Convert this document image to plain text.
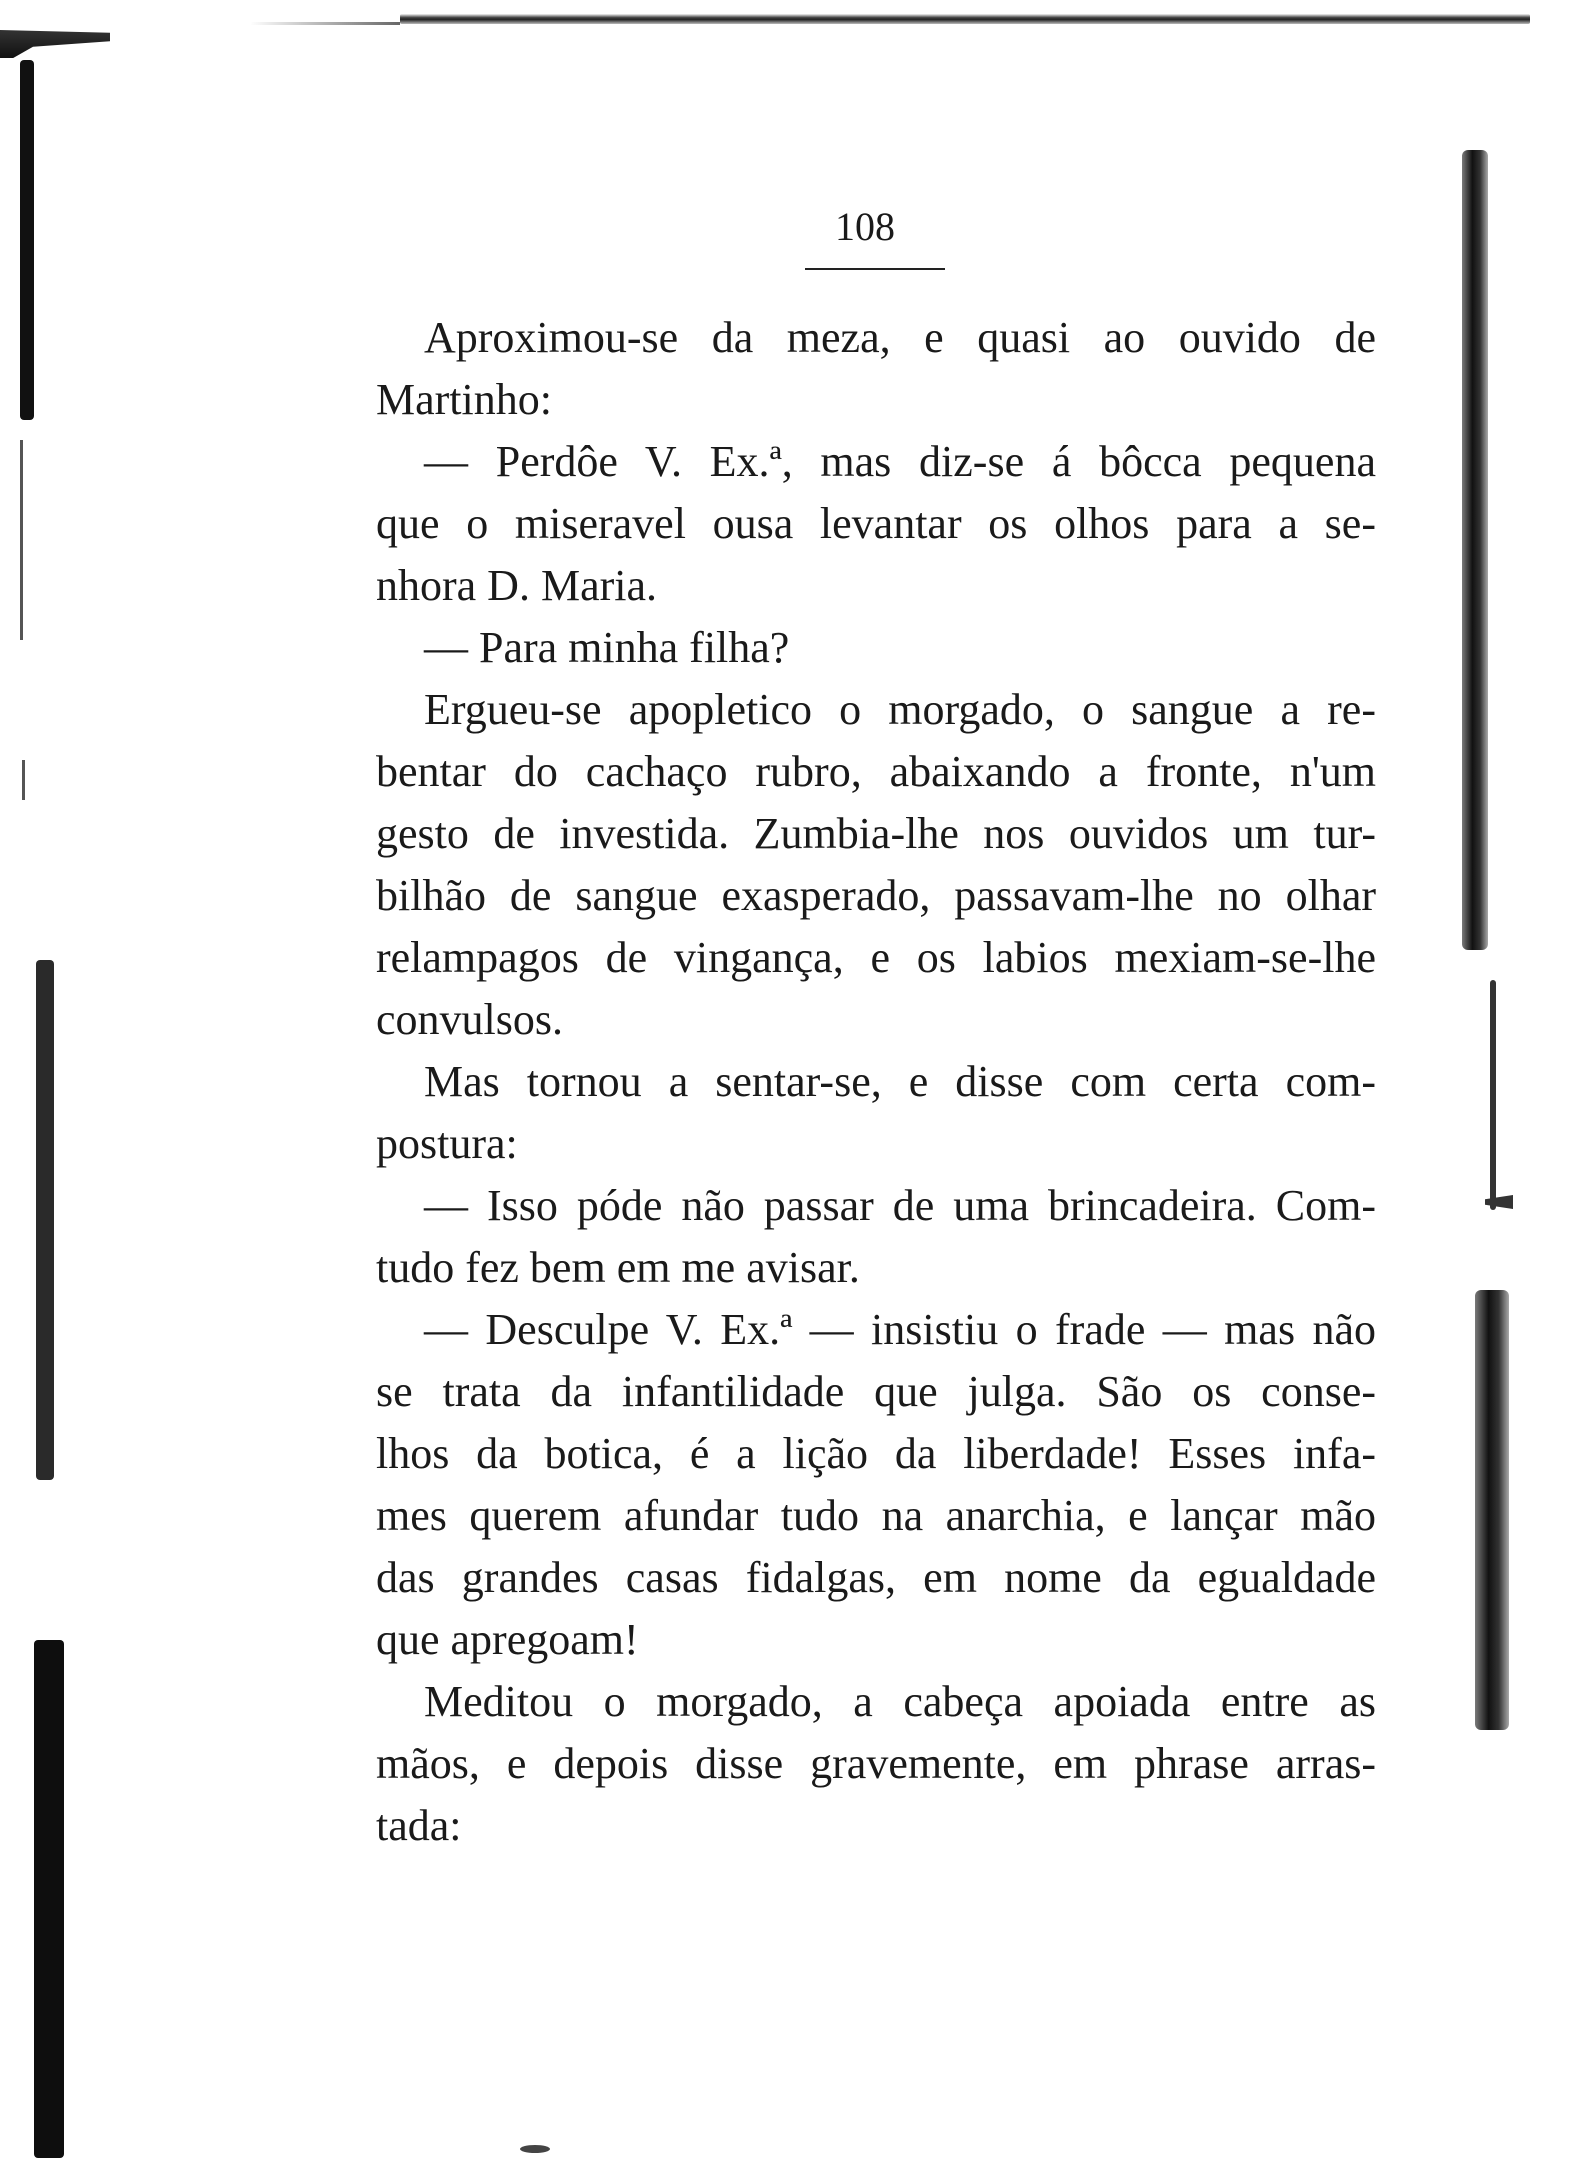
108
Aproximou-se da meza, e quasi ao ouvido de
Martinho:
— Perdôe V. Ex.ª, mas diz-se á bôcca pequena
que o miseravel ousa levantar os olhos para a se-
nhora D. Maria.
— Para minha filha?
Ergueu-se apopletico o morgado, o sangue a re-
bentar do cachaço rubro, abaixando a fronte, n'um
gesto de investida. Zumbia-lhe nos ouvidos um tur-
bilhão de sangue exasperado, passavam-lhe no olhar
relampagos de vingança, e os labios mexiam-se-lhe
convulsos.
Mas tornou a sentar-se, e disse com certa com-
postura:
— Isso póde não passar de uma brincadeira. Com-
tudo fez bem em me avisar.
— Desculpe V. Ex.ª — insistiu o frade — mas não
se trata da infantilidade que julga. São os conse-
lhos da botica, é a lição da liberdade! Esses infa-
mes querem afundar tudo na anarchia, e lançar mão
das grandes casas fidalgas, em nome da egualdade
que apregoam!
Meditou o morgado, a cabeça apoiada entre as
mãos, e depois disse gravemente, em phrase arras-
tada:
